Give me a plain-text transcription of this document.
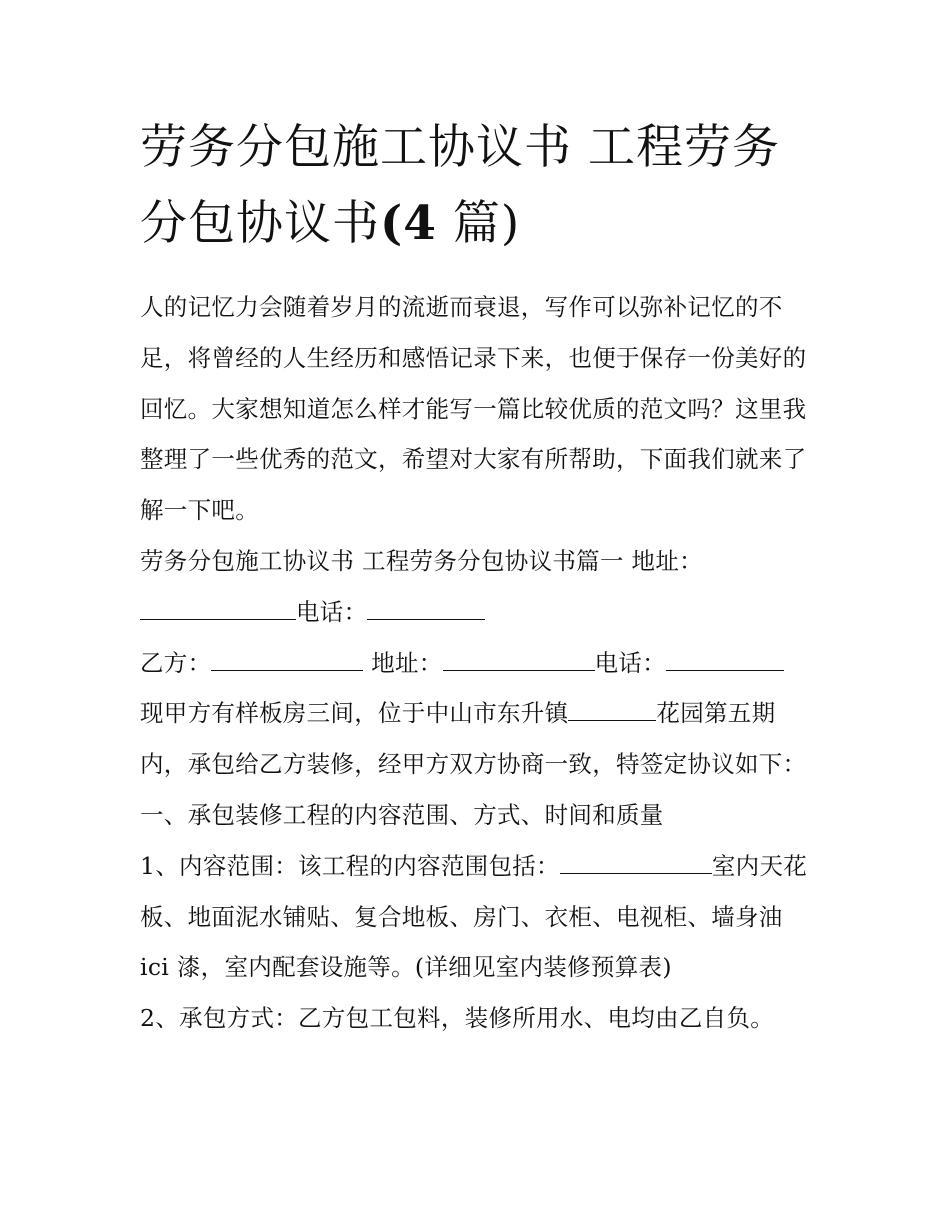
劳务分包施工协议书 工程劳务
分包协议书(4 篇)

人的记忆力会随着岁月的流逝而衰退，写作可以弥补记忆的不足，将曾经的人生经历和感悟记录下来，也便于保存一份美好的回忆。大家想知道怎么样才能写一篇比较优质的范文吗？这里我整理了一些优秀的范文，希望对大家有所帮助，下面我们就来了解一下吧。

劳务分包施工协议书 工程劳务分包协议书篇一 地址：

电话：

乙方：	地址：	电话：

现甲方有样板房三间，位于中山市东升镇	花园第五期内，承包给乙方装修，经甲方双方协商一致，特签定协议如下：

一、承包装修工程的内容范围、方式、时间和质量

1、内容范围：该工程的内容范围包括：	室内天花板、地面泥水铺贴、复合地板、房门、衣柜、电视柜、墙身油 ici 漆，室内配套设施等。(详细见室内装修预算表)

2、承包方式：乙方包工包料，装修所用水、电均由乙自负。
